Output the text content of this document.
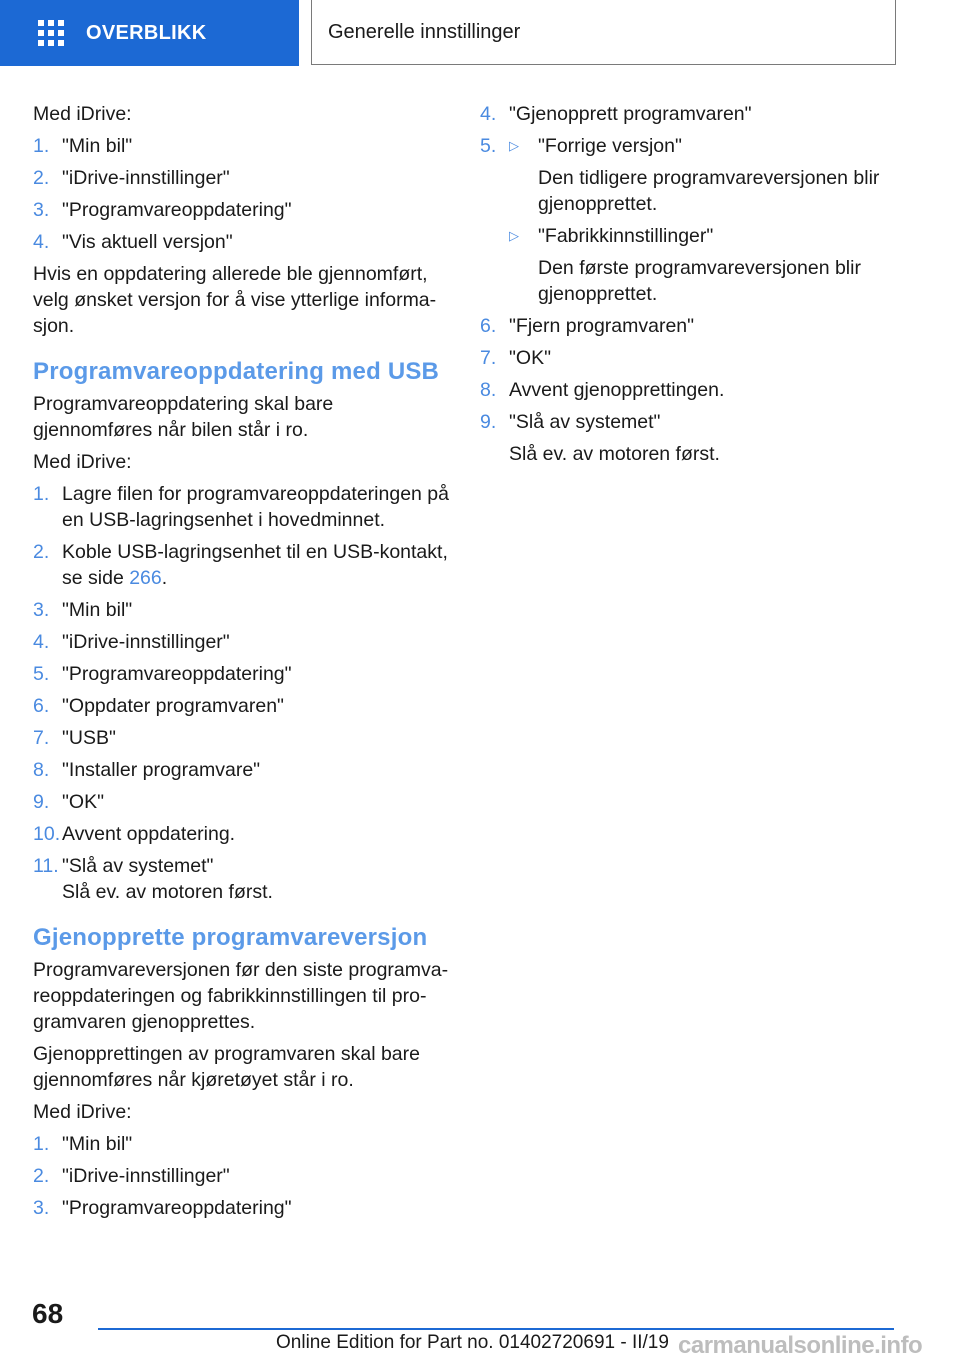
OVERBLIKK	Generelle innstillinger

Med iDrive:

1. "Min bil"
2. "iDrive-innstillinger"
3. "Programvareoppdatering"
4. "Vis aktuell versjon"

Hvis en oppdatering allerede ble gjennomført, velg ønsket versjon for å vise ytterlige informa-sjon.

Programvareoppdatering med USB

Programvareoppdatering skal bare gjennomføres når bilen står i ro.

Med iDrive:

1. Lagre filen for programvareoppdateringen på en USB-lagringsenhet i hovedminnet.
2. Koble USB-lagringsenhet til en USB-kontakt, se side 266.
3. "Min bil"
4. "iDrive-innstillinger"
5. "Programvareoppdatering"
6. "Oppdater programvaren"
7. "USB"
8. "Installer programvare"
9. "OK"
10. Avvent oppdatering.
11. "Slå av systemet"
Slå ev. av motoren først.
Gjenopprette programvareversjon

Programvareversjonen før den siste programva-reoppdateringen og fabrikkinnstillingen til pro-gramvaren gjenopprettes.

Gjenopprettingen av programvaren skal bare gjennomføres når kjøretøyet står i ro.

Med iDrive:

1. "Min bil"
2. "iDrive-innstillinger"
3. "Programvareoppdatering"
4. "Gjenopprett programvaren"
5. ▷ "Forrige versjon"
Den tidligere programvareversjonen blir gjenopprettet.
▷ "Fabrikkinnstillinger"
Den første programvareversjonen blir gjenopprettet.
6. "Fjern programvaren"
7. "OK"
8. Avvent gjenopprettingen.
9. "Slå av systemet"
Slå ev. av motoren først.
68
Online Edition for Part no. 01402720691 - II/19 carmanualsonline.info
